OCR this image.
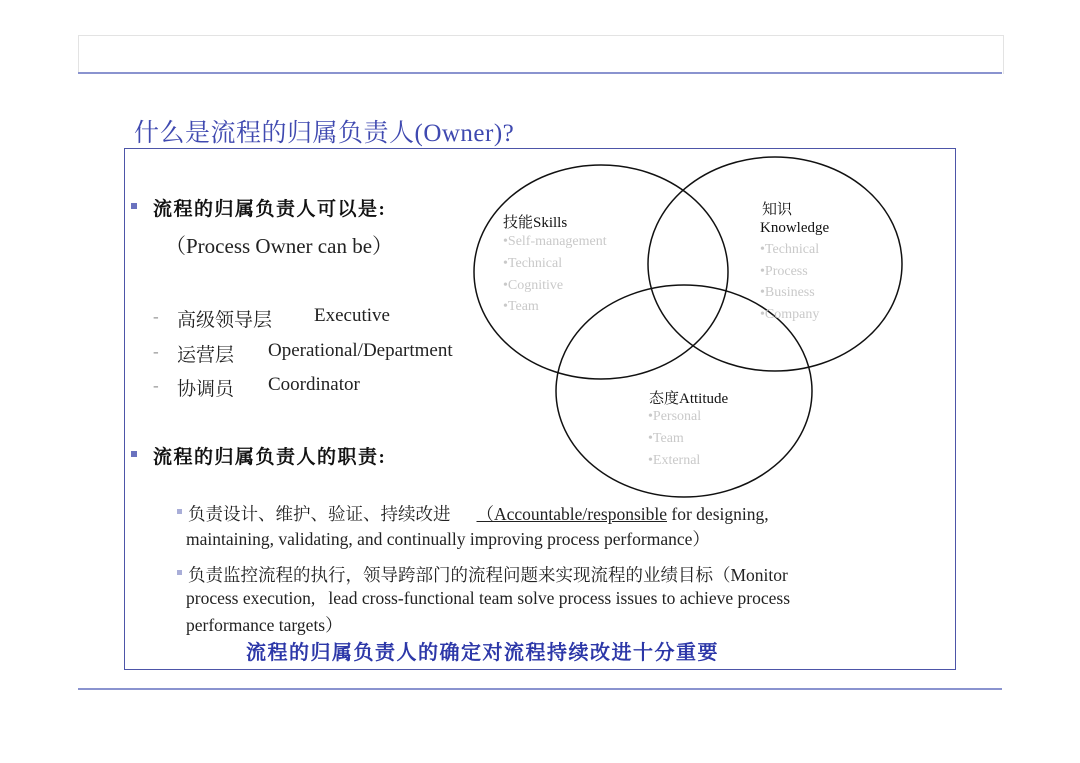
什么是流程的归属负责人(Owner)?
技能Skills
•Self-management
•Technical
•Cognitive
•Team
知识
Knowledge
•Technical
•Process
•Business
•Company
态度Attitude
•Personal
•Team
•External
流程的归属负责人可以是:
（Process Owner can be）
- 高级领导层 Executive
- 运营层 Operational/Department
- 协调员 Coordinator
流程的归属负责人的职责:
负责设计、维护、验证、持续改进 （Accountable/responsible for designing,
maintaining, validating, and continually improving process performance）
负责监控流程的执行，领导跨部门的流程问题来实现流程的业绩目标（Monitor
process execution,   lead cross-functional team solve process issues to achieve process
performance targets）
流程的归属负责人的确定对流程持续改进十分重要
